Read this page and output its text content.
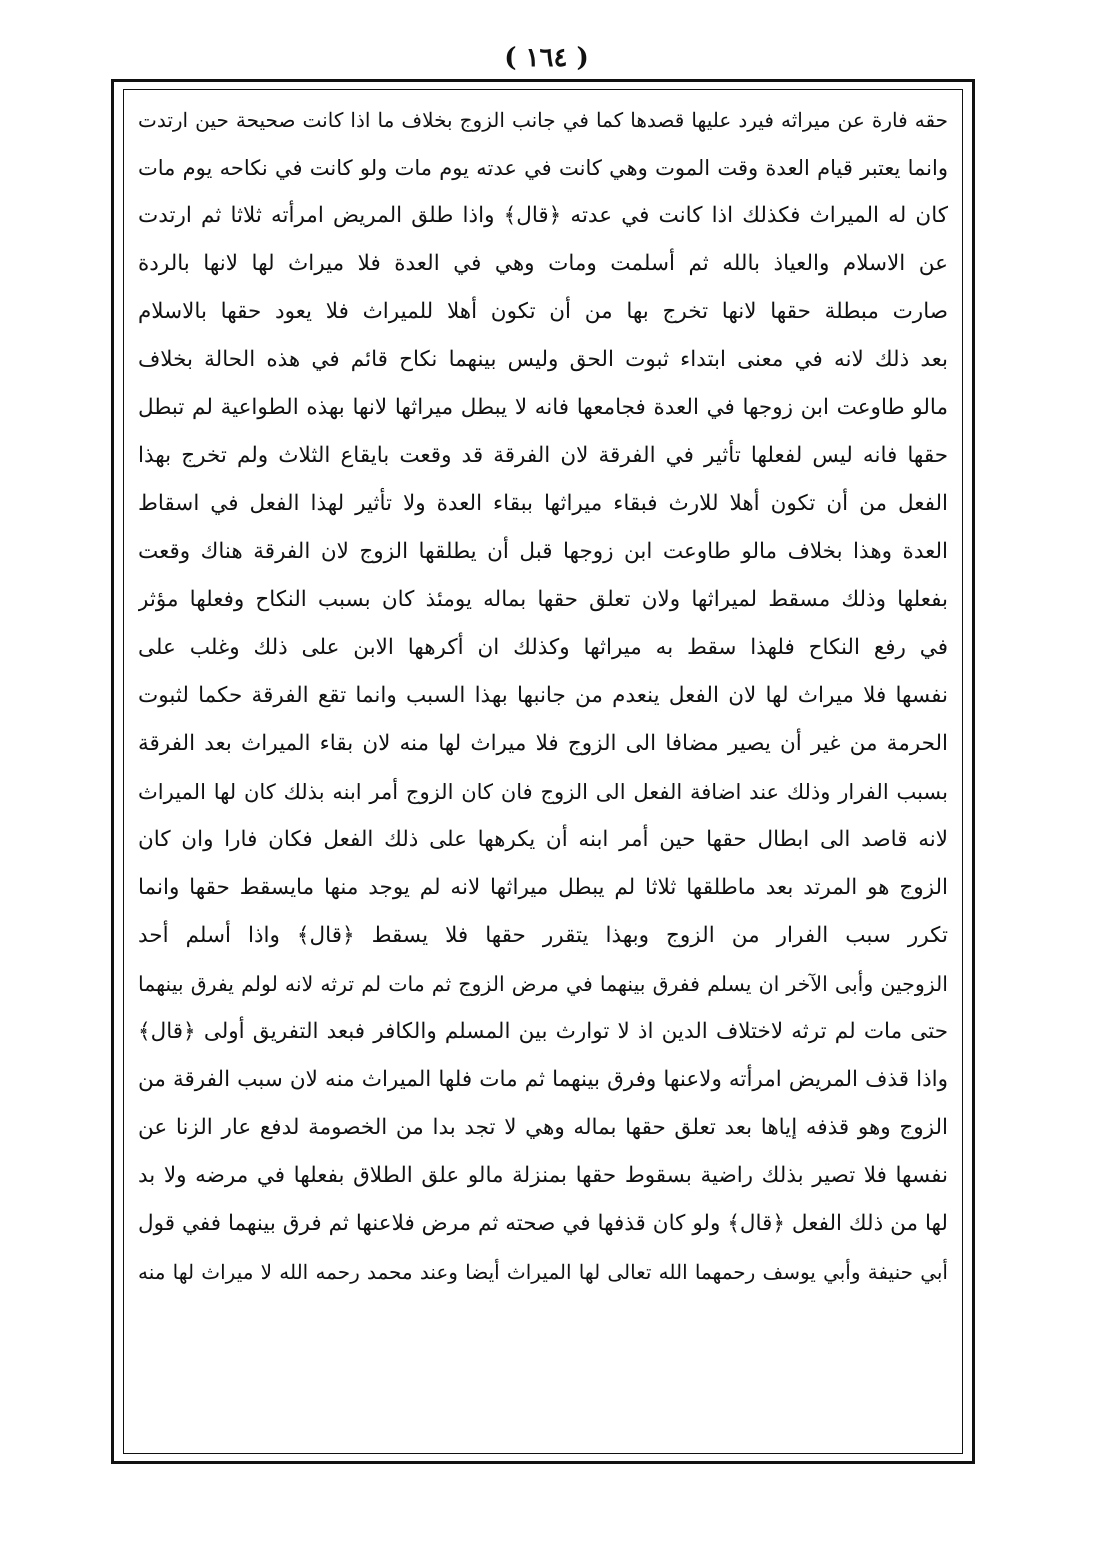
( ١٦٤ )
حقه فارة عن ميراثه فيرد عليها قصدها كما في جانب الزوج بخلاف ما اذا كانت صحيحة حين ارتدت
وانما يعتبر قيام العدة وقت الموت وهي كانت في عدته يوم مات ولو كانت في نكاحه يوم مات
كان له الميراث فكذلك اذا كانت في عدته ﴿قال﴾ واذا طلق المريض امرأته ثلاثا ثم ارتدت
عن الاسلام والعياذ بالله ثم أسلمت ومات وهي في العدة فلا ميراث لها لانها بالردة
صارت مبطلة حقها لانها تخرج بها من أن تكون أهلا للميراث فلا يعود حقها بالاسلام
بعد ذلك لانه في معنى ابتداء ثبوت الحق وليس بينهما نكاح قائم في هذه الحالة بخلاف
مالو طاوعت ابن زوجها في العدة فجامعها فانه لا يبطل ميراثها لانها بهذه الطواعية لم تبطل
حقها فانه ليس لفعلها تأثير في الفرقة لان الفرقة قد وقعت بايقاع الثلاث ولم تخرج بهذا
الفعل من أن تكون أهلا للارث فبقاء ميراثها ببقاء العدة ولا تأثير لهذا الفعل في اسقاط
العدة وهذا بخلاف مالو طاوعت ابن زوجها قبل أن يطلقها الزوج لان الفرقة هناك وقعت
بفعلها وذلك مسقط لميراثها ولان تعلق حقها بماله يومئذ كان بسبب النكاح وفعلها مؤثر
في رفع النكاح فلهذا سقط به ميراثها وكذلك ان أكرهها الابن على ذلك وغلب على
نفسها فلا ميراث لها لان الفعل ينعدم من جانبها بهذا السبب وانما تقع الفرقة حكما لثبوت
الحرمة من غير أن يصير مضافا الى الزوج فلا ميراث لها منه لان بقاء الميراث بعد الفرقة
بسبب الفرار وذلك عند اضافة الفعل الى الزوج فان كان الزوج أمر ابنه بذلك كان لها الميراث
لانه قاصد الى ابطال حقها حين أمر ابنه أن يكرهها على ذلك الفعل فكان فارا وان كان
الزوج هو المرتد بعد ماطلقها ثلاثا لم يبطل ميراثها لانه لم يوجد منها مايسقط حقها وانما
تكرر سبب الفرار من الزوج وبهذا يتقرر حقها فلا يسقط ﴿قال﴾ واذا أسلم أحد
الزوجين وأبى الآخر ان يسلم ففرق بينهما في مرض الزوج ثم مات لم ترثه لانه لولم يفرق بينهما
حتى مات لم ترثه لاختلاف الدين اذ لا توارث بين المسلم والكافر فبعد التفريق أولى ﴿قال﴾
واذا قذف المريض امرأته ولاعنها وفرق بينهما ثم مات فلها الميراث منه لان سبب الفرقة من
الزوج وهو قذفه إياها بعد تعلق حقها بماله وهي لا تجد بدا من الخصومة لدفع عار الزنا عن
نفسها فلا تصير بذلك راضية بسقوط حقها بمنزلة مالو علق الطلاق بفعلها في مرضه ولا بد
لها من ذلك الفعل ﴿قال﴾ ولو كان قذفها في صحته ثم مرض فلاعنها ثم فرق بينهما ففي قول
أبي حنيفة وأبي يوسف رحمهما الله تعالى لها الميراث أيضا وعند محمد رحمه الله لا ميراث لها منه
